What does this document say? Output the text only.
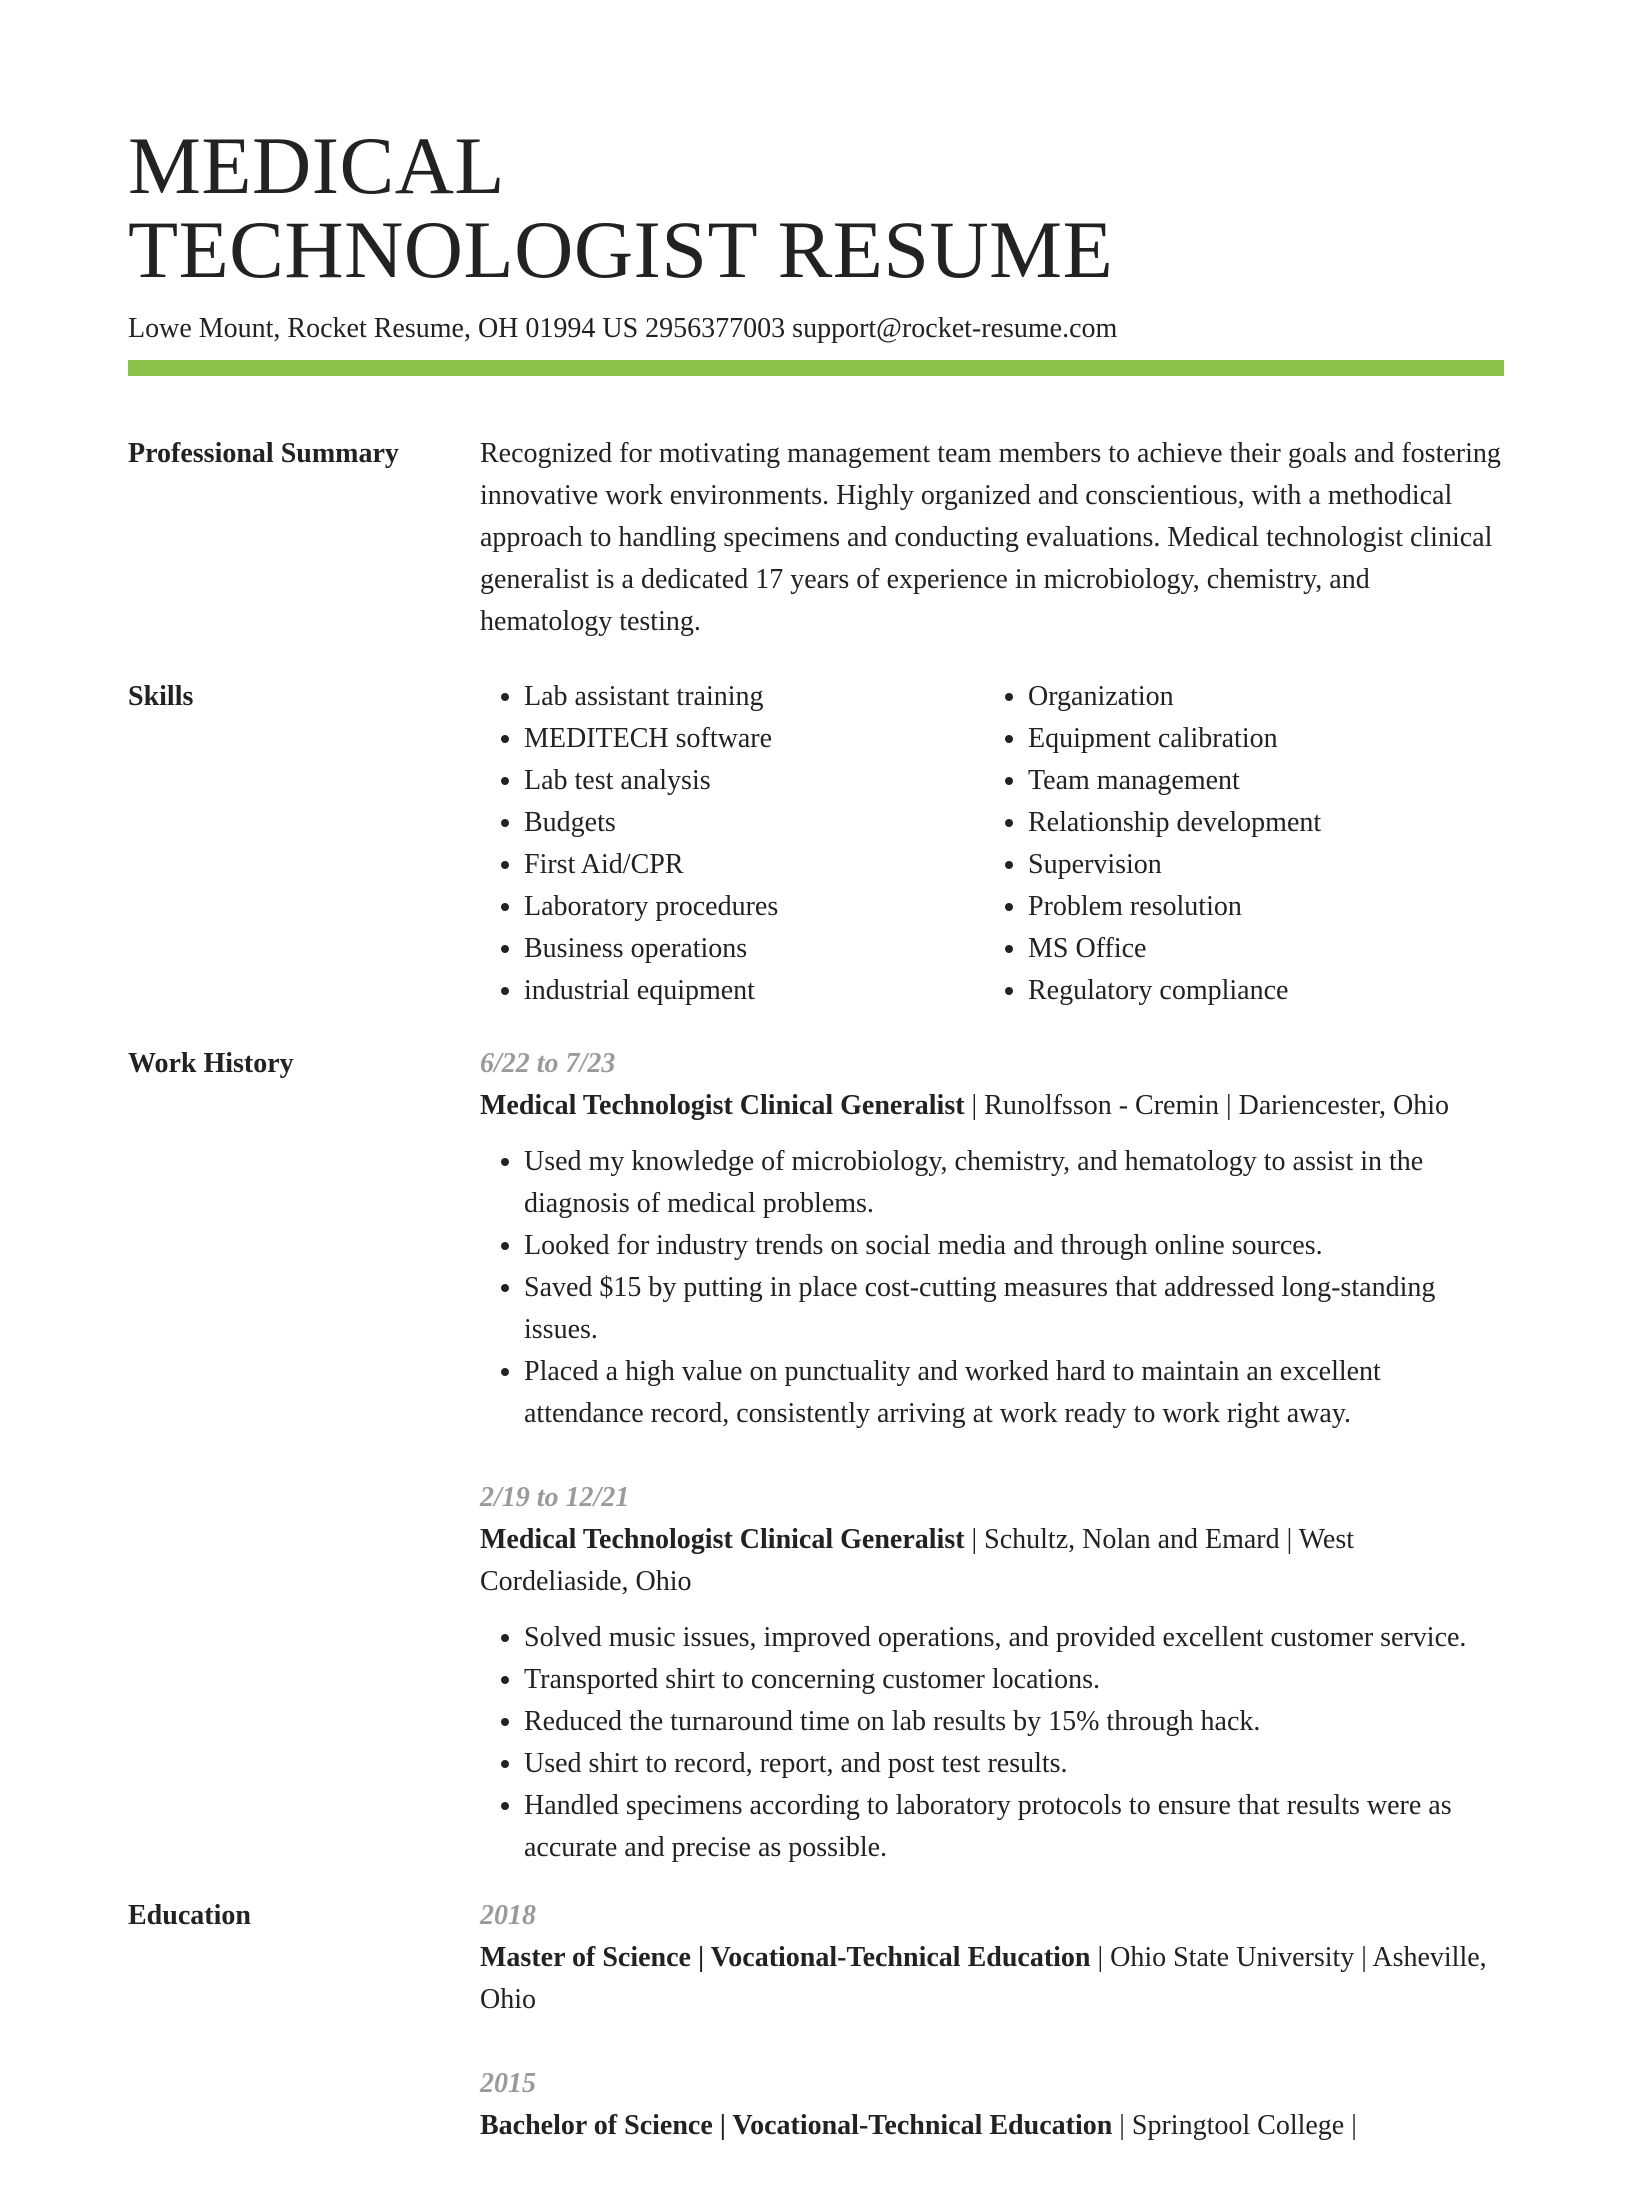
MEDICAL
TECHNOLOGIST RESUME
Lowe Mount, Rocket Resume, OH 01994 US 2956377003 support@rocket-resume.com
Professional Summary	Recognized for motivating management team members to achieve their goals and fostering innovative work environments. Highly organized and conscientious, with a methodical approach to handling specimens and conducting evaluations. Medical technologist clinical generalist is a dedicated 17 years of experience in microbiology, chemistry, and hematology testing.

Skills
•	Lab assistant training
• MEDITECH software
• Lab test analysis
• Budgets
• First Aid/CPR
• Laboratory procedures
• Business operations
• industrial equipment
• Organization
• Equipment calibration
• Team management
• Relationship development
• Supervision
• Problem resolution
• MS Office
• Regulatory compliance
Work History	6/22 to 7/23
Medical Technologist Clinical Generalist | Runolfsson - Cremin | Dariencester, Ohio
• Used my knowledge of microbiology, chemistry, and hematology to assist in the diagnosis of medical problems.
• Looked for industry trends on social media and through online sources.
• Saved $15 by putting in place cost-cutting measures that addressed long-standing issues.
• Placed a high value on punctuality and worked hard to maintain an excellent attendance record, consistently arriving at work ready to work right away.
2/19 to 12/21
Medical Technologist Clinical Generalist | Schultz, Nolan and Emard | West Cordeliaside, Ohio
• Solved music issues, improved operations, and provided excellent customer service.
• Transported shirt to concerning customer locations.
• Reduced the turnaround time on lab results by 15% through hack.
• Used shirt to record, report, and post test results.
• Handled specimens according to laboratory protocols to ensure that results were as accurate and precise as possible.
Education	2018
Master of Science | Vocational-Technical Education | Ohio State University | Asheville, Ohio
2015
Bachelor of Science | Vocational-Technical Education | Springtool College |
